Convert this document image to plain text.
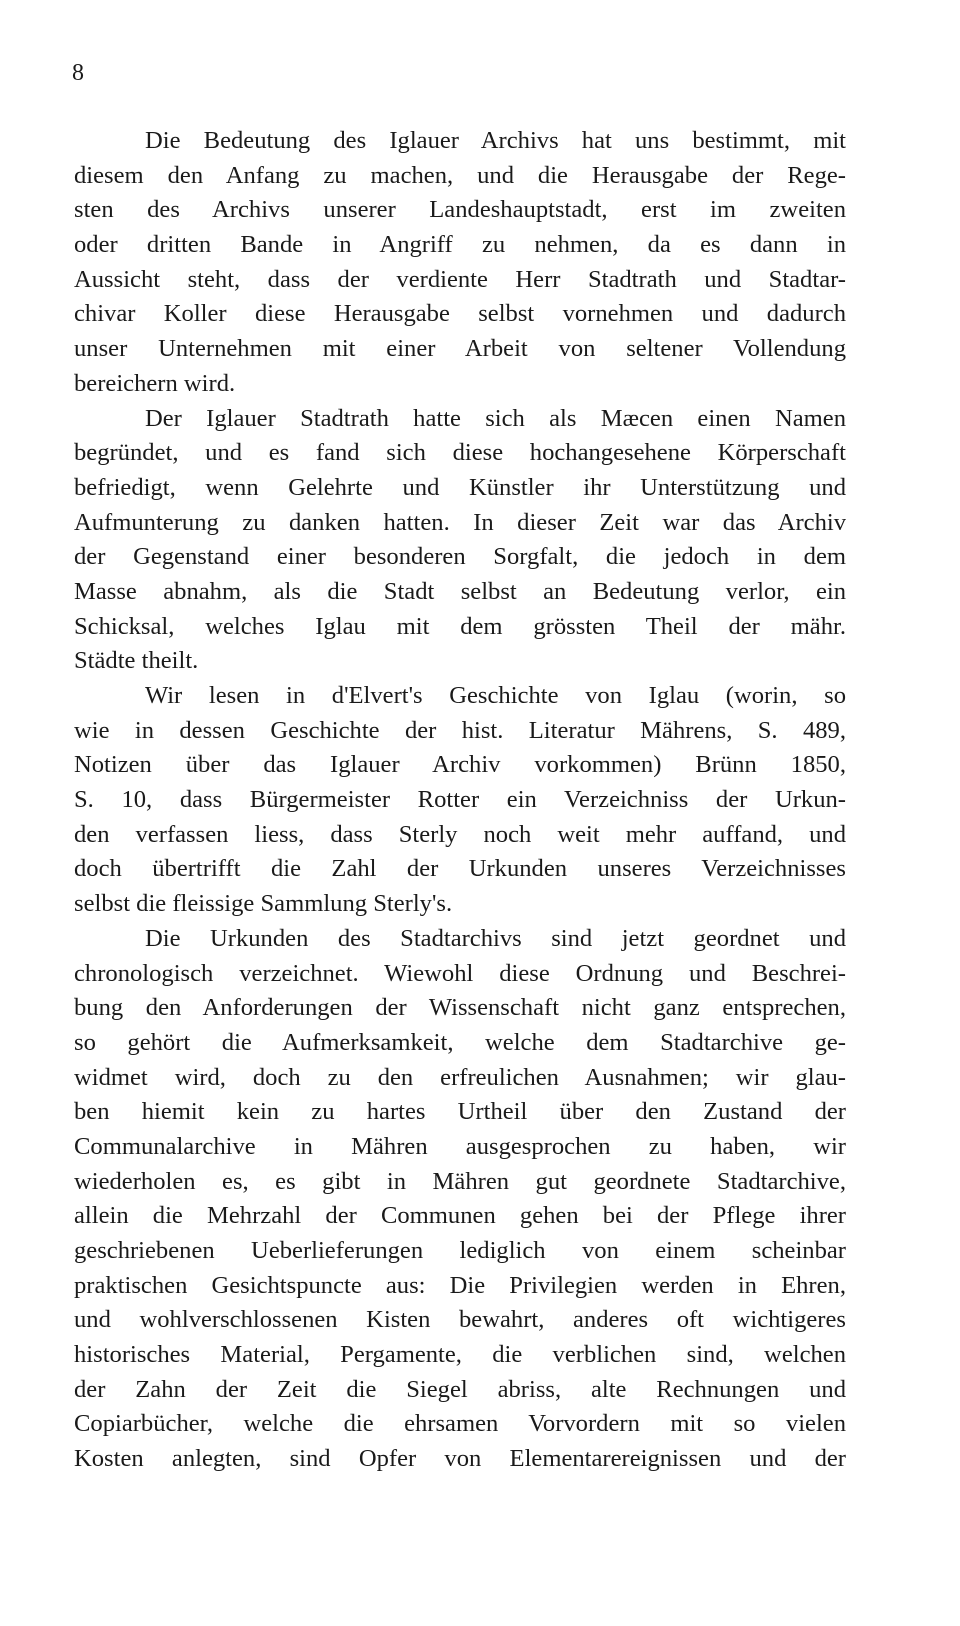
8

Die Bedeutung des Iglauer Archivs hat uns bestimmt, mit
diesem den Anfang zu machen, und die Herausgabe der Rege-
sten des Archivs unserer Landeshauptstadt, erst im zweiten
oder dritten Bande in Angriff zu nehmen, da es dann in
Aussicht steht, dass der verdiente Herr Stadtrath und Stadtar-
chivar Koller diese Herausgabe selbst vornehmen und dadurch
unser Unternehmen mit einer Arbeit von seltener Vollendung
bereichern wird.
Der Iglauer Stadtrath hatte sich als Mæcen einen Namen
begründet, und es fand sich diese hochangesehene Körperschaft
befriedigt, wenn Gelehrte und Künstler ihr Unterstützung und
Aufmunterung zu danken hatten. In dieser Zeit war das Archiv
der Gegenstand einer besonderen Sorgfalt, die jedoch in dem
Masse abnahm, als die Stadt selbst an Bedeutung verlor, ein
Schicksal, welches Iglau mit dem grössten Theil der mähr.
Städte theilt.
Wir lesen in d'Elvert's Geschichte von Iglau (worin, so
wie in dessen Geschichte der hist. Literatur Mährens, S. 489,
Notizen über das Iglauer Archiv vorkommen) Brünn 1850,
S. 10, dass Bürgermeister Rotter ein Verzeichniss der Urkun-
den verfassen liess, dass Sterly noch weit mehr auffand, und
doch übertrifft die Zahl der Urkunden unseres Verzeichnisses
selbst die fleissige Sammlung Sterly's.
Die Urkunden des Stadtarchivs sind jetzt geordnet und
chronologisch verzeichnet. Wiewohl diese Ordnung und Beschrei-
bung den Anforderungen der Wissenschaft nicht ganz entsprechen,
so gehört die Aufmerksamkeit, welche dem Stadtarchive ge-
widmet wird, doch zu den erfreulichen Ausnahmen; wir glau-
ben hiemit kein zu hartes Urtheil über den Zustand der
Communalarchive in Mähren ausgesprochen zu haben, wir
wiederholen es, es gibt in Mähren gut geordnete Stadtarchive,
allein die Mehrzahl der Communen gehen bei der Pflege ihrer
geschriebenen Ueberlieferungen lediglich von einem scheinbar
praktischen Gesichtspuncte aus: Die Privilegien werden in Ehren,
und wohlverschlossenen Kisten bewahrt, anderes oft wichtigeres
historisches Material, Pergamente, die verblichen sind, welchen
der Zahn der Zeit die Siegel abriss, alte Rechnungen und
Copiarbücher, welche die ehrsamen Vorvordern mit so vielen
Kosten anlegten, sind Opfer von Elementarereignissen und der
